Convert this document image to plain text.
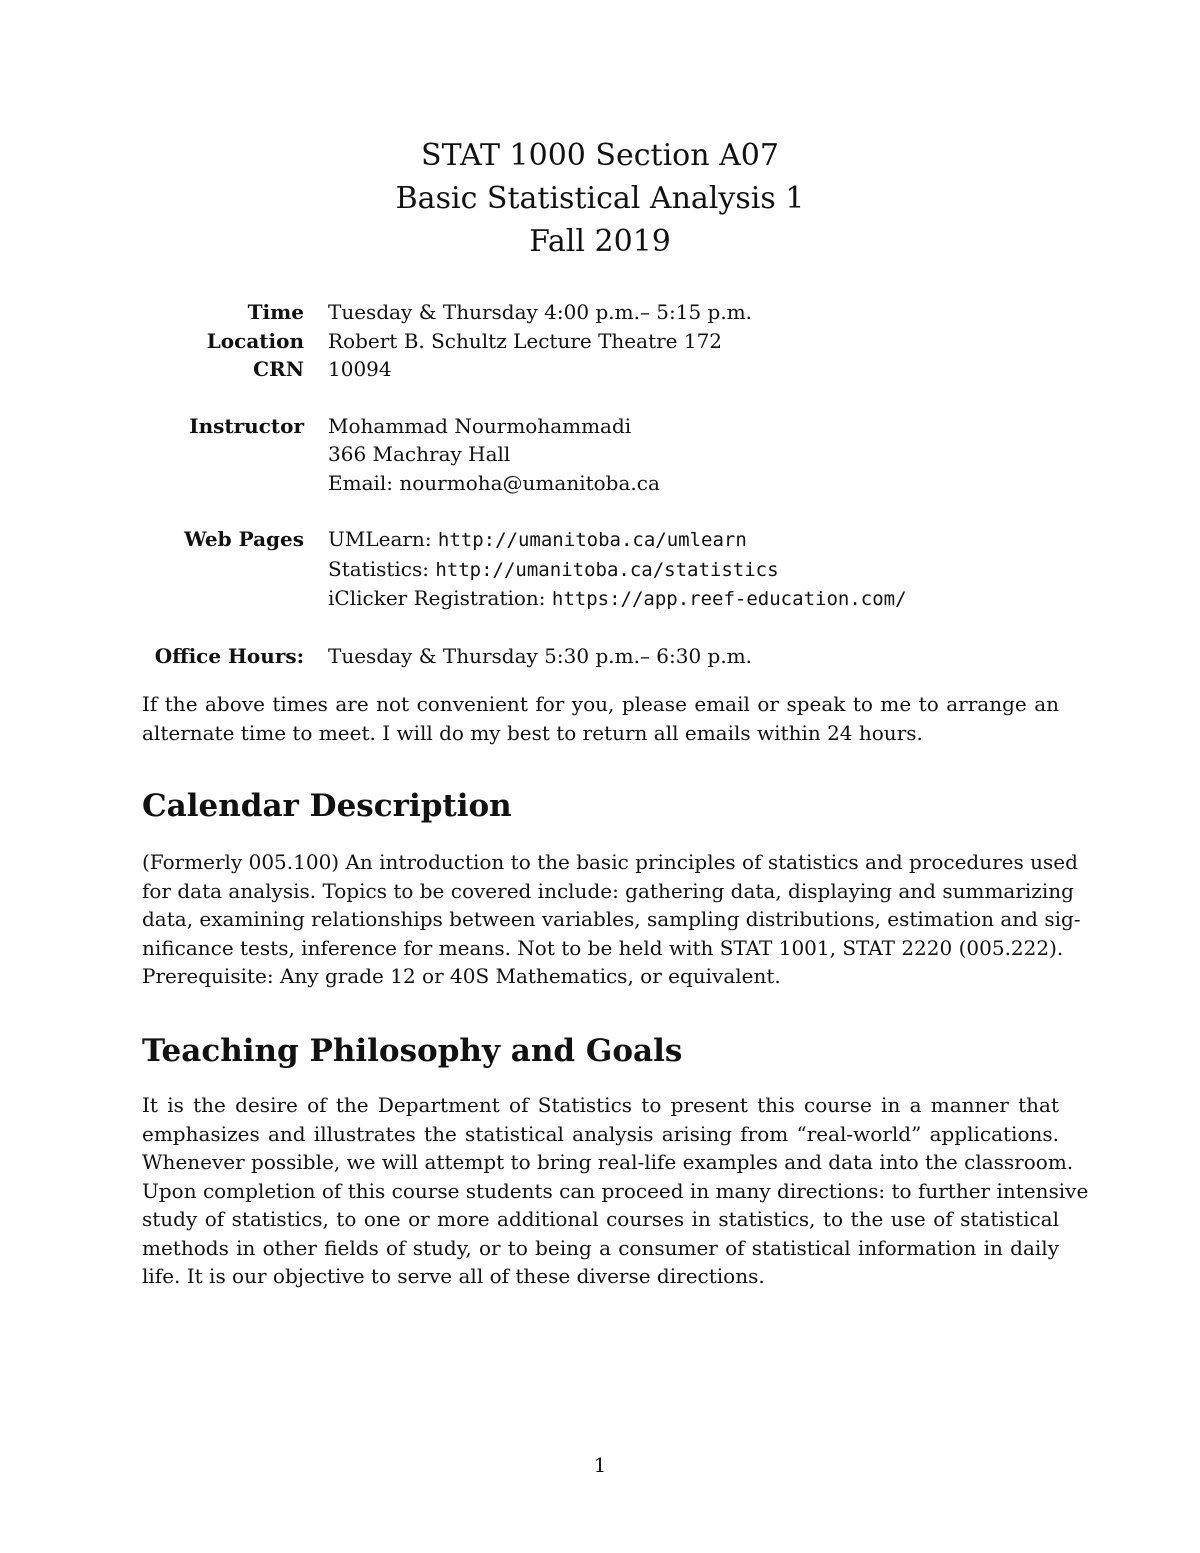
STAT 1000 Section A07
Basic Statistical Analysis 1
Fall 2019
Time Tuesday & Thursday 4:00 p.m.– 5:15 p.m.
Location Robert B. Schultz Lecture Theatre 172
CRN 10094
Instructor Mohammad Nourmohammadi
366 Machray Hall
Email: nourmoha@umanitoba.ca
Web Pages UMLearn: http://umanitoba.ca/umlearn
Statistics: http://umanitoba.ca/statistics
iClicker Registration: https://app.reef-education.com/
Office Hours: Tuesday & Thursday 5:30 p.m.– 6:30 p.m.
If the above times are not convenient for you, please email or speak to me to arrange an
alternate time to meet. I will do my best to return all emails within 24 hours.
Calendar Description
(Formerly 005.100) An introduction to the basic principles of statistics and procedures used
for data analysis. Topics to be covered include: gathering data, displaying and summarizing
data, examining relationships between variables, sampling distributions, estimation and sig-
nificance tests, inference for means. Not to be held with STAT 1001, STAT 2220 (005.222).
Prerequisite: Any grade 12 or 40S Mathematics, or equivalent.
Teaching Philosophy and Goals
It is the desire of the Department of Statistics to present this course in a manner that
emphasizes and illustrates the statistical analysis arising from “real-world” applications.
Whenever possible, we will attempt to bring real-life examples and data into the classroom.
Upon completion of this course students can proceed in many directions: to further intensive
study of statistics, to one or more additional courses in statistics, to the use of statistical
methods in other fields of study, or to being a consumer of statistical information in daily
life. It is our objective to serve all of these diverse directions.
1
